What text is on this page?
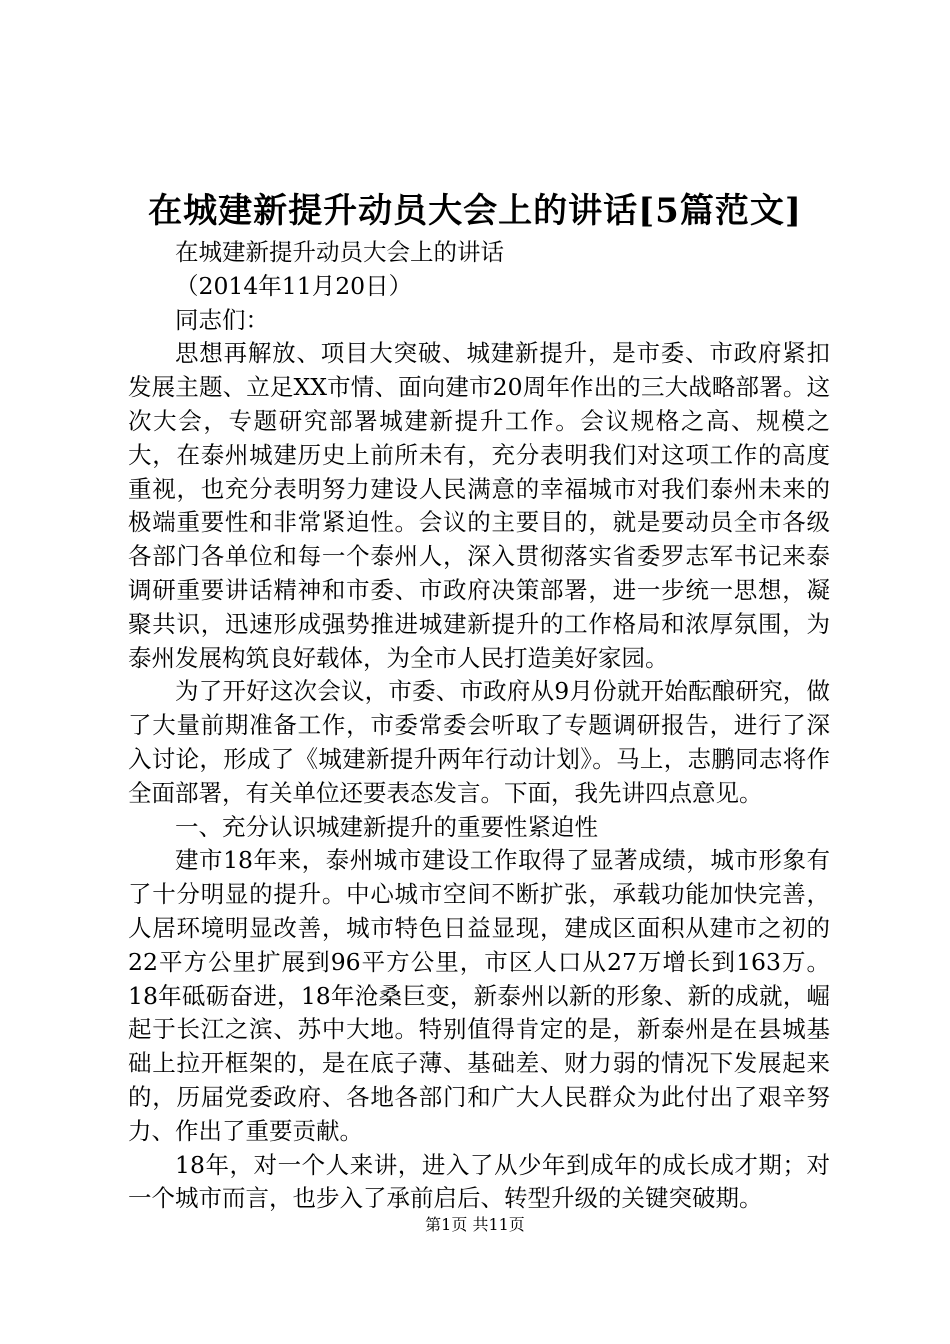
在城建新提升动员大会上的讲话[5篇范文]

在城建新提升动员大会上的讲话

（2014年11月20日）

同志们：

思想再解放、项目大突破、城建新提升，是市委、市政府紧扣发展主题、立足XX市情、面向建市20周年作出的三大战略部署。这次大会，专题研究部署城建新提升工作。会议规格之高、规模之大，在泰州城建历史上前所未有，充分表明我们对这项工作的高度重视，也充分表明努力建设人民满意的幸福城市对我们泰州未来的极端重要性和非常紧迫性。会议的主要目的，就是要动员全市各级各部门各单位和每一个泰州人，深入贯彻落实省委罗志军书记来泰调研重要讲话精神和市委、市政府决策部署，进一步统一思想，凝聚共识，迅速形成强势推进城建新提升的工作格局和浓厚氛围，为泰州发展构筑良好载体，为全市人民打造美好家园。

为了开好这次会议，市委、市政府从9月份就开始酝酿研究，做了大量前期准备工作，市委常委会听取了专题调研报告，进行了深入讨论，形成了《城建新提升两年行动计划》。马上，志鹏同志将作全面部署，有关单位还要表态发言。下面，我先讲四点意见。

一、充分认识城建新提升的重要性紧迫性

建市18年来，泰州城市建设工作取得了显著成绩，城市形象有了十分明显的提升。中心城市空间不断扩张，承载功能加快完善，人居环境明显改善，城市特色日益显现，建成区面积从建市之初的22平方公里扩展到96平方公里，市区人口从27万增长到163万。18年砥砺奋进，18年沧桑巨变，新泰州以新的形象、新的成就，崛起于长江之滨、苏中大地。特别值得肯定的是，新泰州是在县城基础上拉开框架的，是在底子薄、基础差、财力弱的情况下发展起来的，历届党委政府、各地各部门和广大人民群众为此付出了艰辛努力、作出了重要贡献。

18年，对一个人来讲，进入了从少年到成年的成长成才期；对一个城市而言，也步入了承前启后、转型升级的关键突破期。

第1页 共11页
